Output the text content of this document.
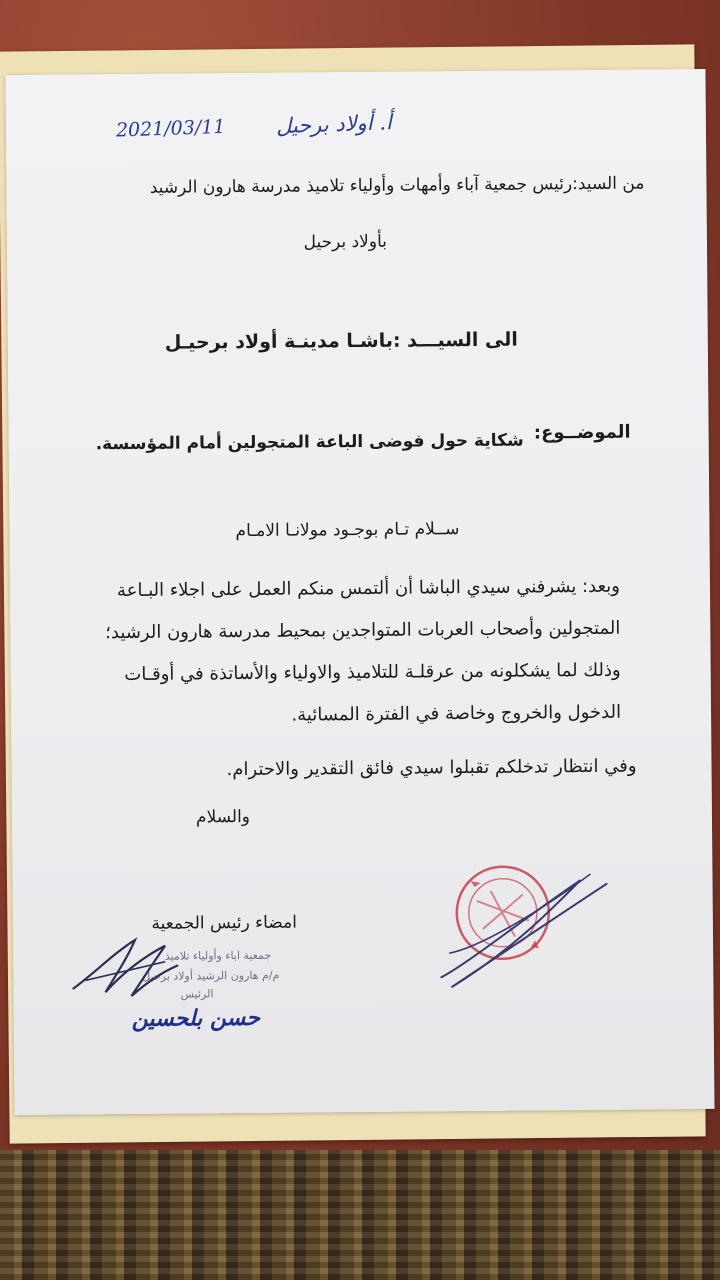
2021/03/11 أ. أولاد برحيل
من السيد:رئيس جمعية آباء وأمهات وأولياء تلاميذ مدرسة هارون الرشيد
بأولاد برحيل
الى السيـــد :باشـا مدينـة أولاد برحيـل
الموضــوع:
شكاية حول فوضى الباعة المتجولين أمام المؤسسة.
ســلام تـام بوجـود مولانـا الامـام
وبعد: يشرفني سيدي الباشا أن ألتمس منكم العمل على اجلاء البـاعة
المتجولين وأصحاب العربات المتواجدين بمحيط مدرسة هارون الرشيد؛
وذلك لما يشكلونه من عرقلـة للتلاميذ والاولياء والأساتذة في أوقـات
الدخول والخروج وخاصة في الفترة المسائية.
وفي انتظار تدخلكم تقبلوا سيدي فائق التقدير والاحترام.
والسلام
امضاء رئيس الجمعية
جمعية اباء وأولياء تلاميذ
م/م هارون الرشيد أولاد برحيل
الرئيس
حسن بلحسين
